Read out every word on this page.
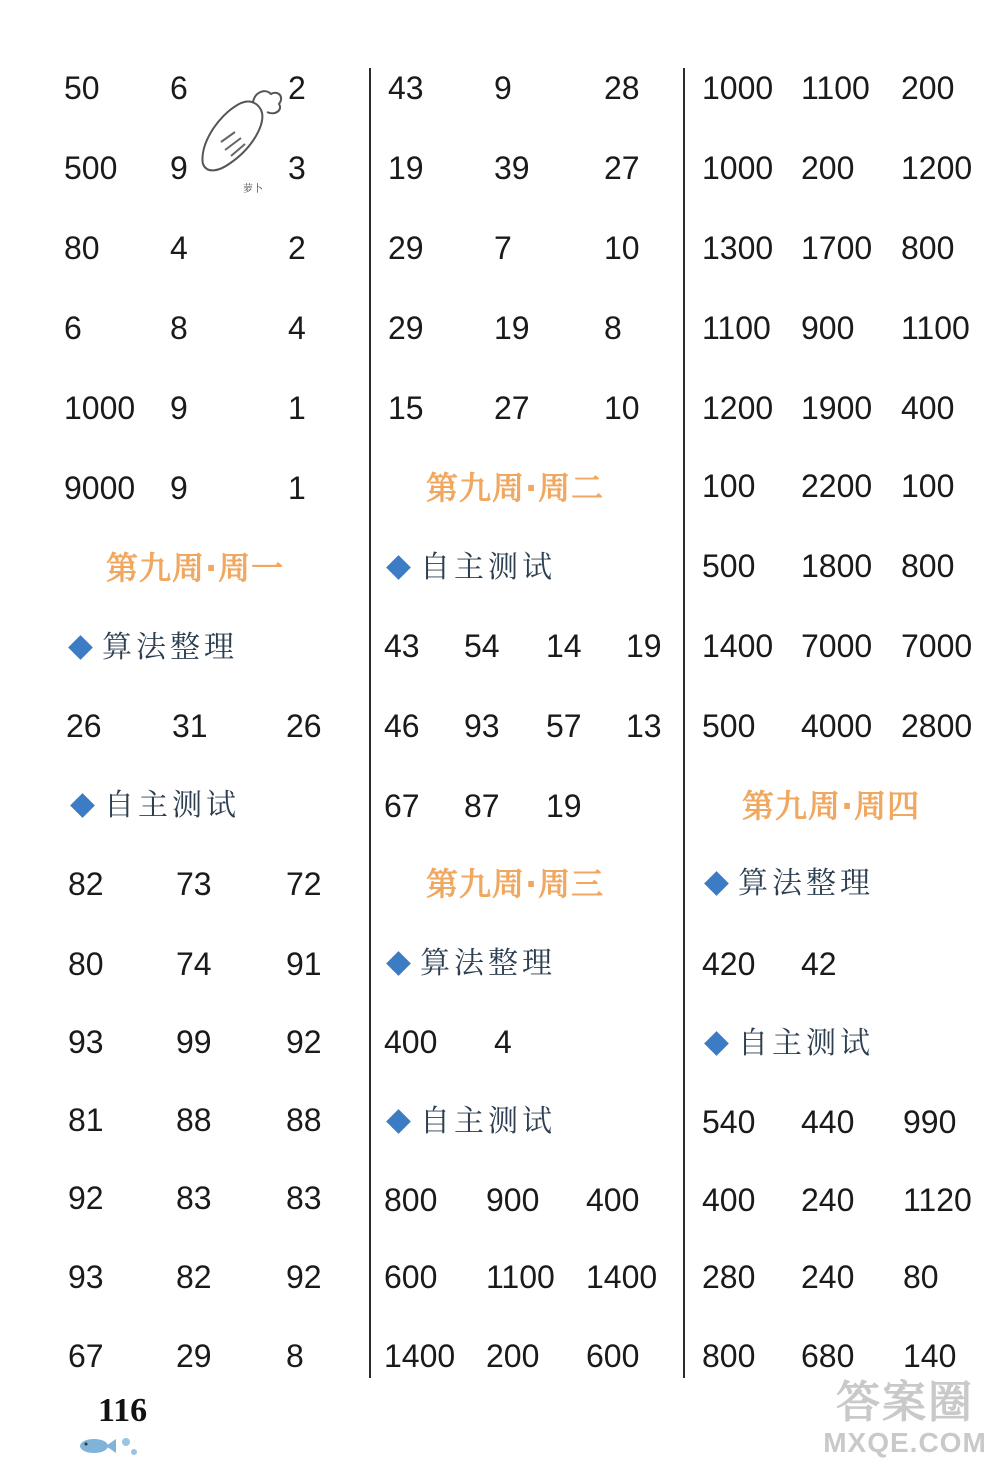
萝卜
50 6	2
500 9	3
80 4	2
6	8	4
1000 9	1
9000 9	1
第九周·周一
算法整理
26 31 26
自主测试
82 73 72
80 74 91
93 99 92
81 88 88
92 83 83
93 82 92
67 29 8
43 9	28
19 39 27
29 7	10
29 19 8
15 27 10
第九周·周二
自主测试
43 54 14 19
46 93 57 13
67 87 19
第九周·周三
算法整理
400 4
自主测试
800 900 400
600 1100 1400
1400 200 600
1000 1100 200
1000 200 1200
1300 1700 800
1100 900 1100
1200 1900 400
100 2200 100
500 1800 800
1400 7000 7000
500 4000 2800
第九周·周四
算法整理
420 42
自主测试
540 440 990
400 240 1120
280 240 80
800 680 140
116	答案圈
MXQE.COM
